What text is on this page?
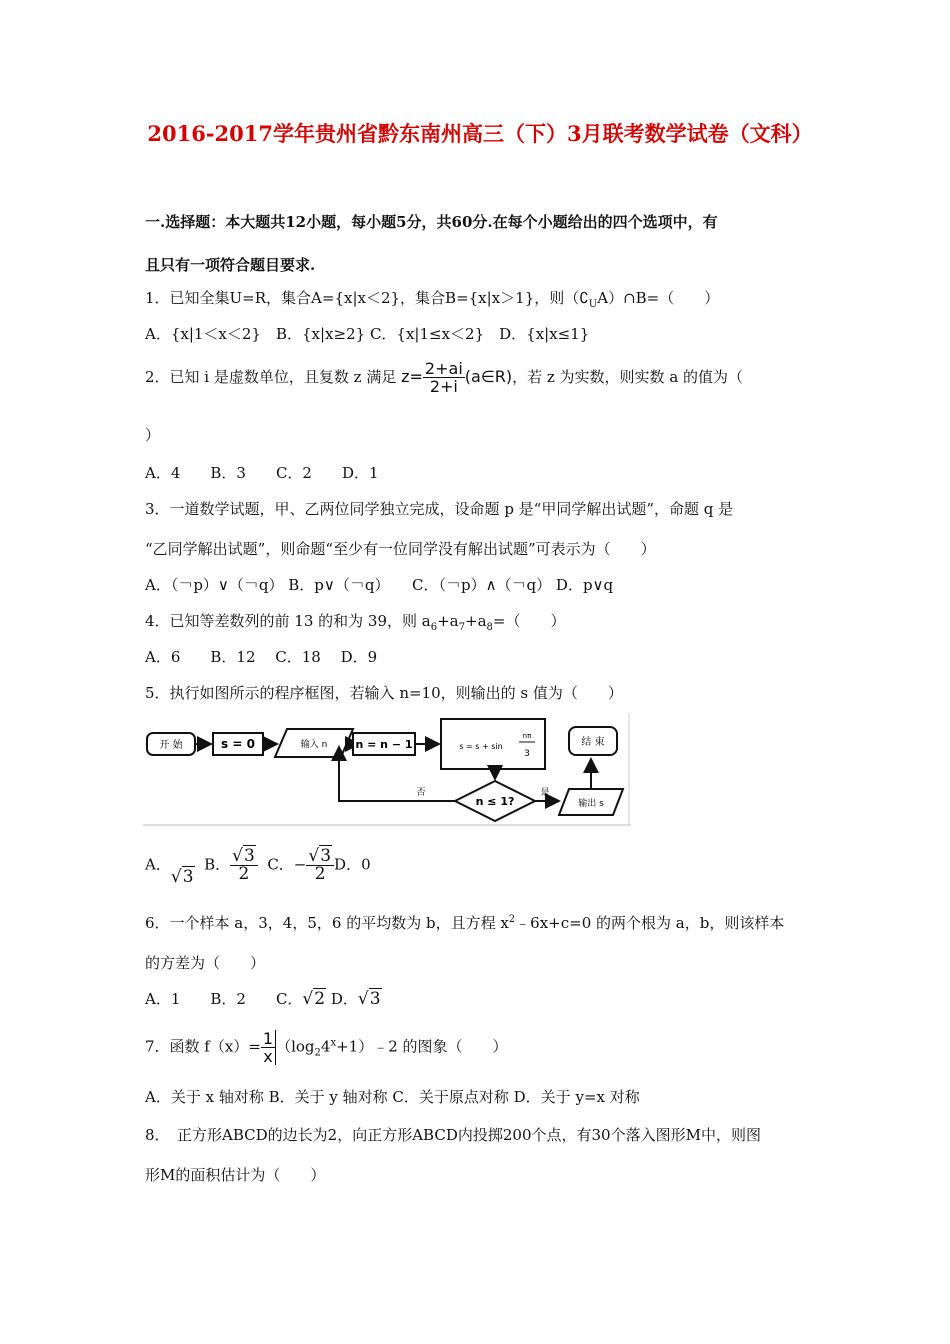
2016-2017学年贵州省黔东南州高三（下）3月联考数学试卷（文科）
一.选择题：本大题共12小题，每小题5分，共60分.在每个小题给出的四个选项中，有
且只有一项符合题目要求.
1．已知全集U=R，集合A={x|x＜2}，集合B={x|x＞1}，则$(∁_UA)\cap B=$（　　）
A．{x|1＜x＜2}　B．{x|x≥2} C．{x|1≤x＜2}　D．{x|x≤1}
2．已知 i 是虚数单位，且复数 z 满足 $z= \frac{2+ai}{2+i}$ (a∈R)，若 z 为实数，则实数 a 的值为（
）
A．4　　B．3　　C．2　　D．1
3．一道数学试题，甲、乙两位同学独立完成，设命题 p 是“甲同学解出试题”，命题 q 是
“乙同学解出试题”，则命题“至少有一位同学没有解出试题”可表示为（　　）
A．（￢p）∨（￢q） B．p∨（￢q）　　C．（￢p）∧（￢q） D．p∨q
4．已知等差数列的前 13 的和为 39，则 $a_6+a_7+a_8=$（　　）
A．6　　B．12　 C．18　 D．9
5．执行如图所示的程序框图，若输入 n=10，则输出的 s 值为（　　）
开 始	s = 0	输入 n	n = n − 1	s = s + sin
nπ
3
n ≤ 1?
否	是
输出 s
结 束
A．√3  B． $\frac{√3}{2}$ C．− $\frac{√3}{2}$ D．0
6．一个样本 a，3，4，5，6 的平均数为 b，且方程 $x^2﹣6x+c=0$ 的两个根为 a，b，则该样本
的方差为（　　）
A．1　　B．2　　C．√2 D．√3
7．函数 $f(x)= \frac{1}{x}$ $(\log_24^x+1)﹣2$ 的图象（　　）
A．关于 x 轴对称 B．关于 y 轴对称 C．关于原点对称 D．关于 y=x 对称
8．　正方形ABCD的边长为2，向正方形ABCD内投掷200个点，有30个落入图形M中，则图
形M的面积估计为（　　）
